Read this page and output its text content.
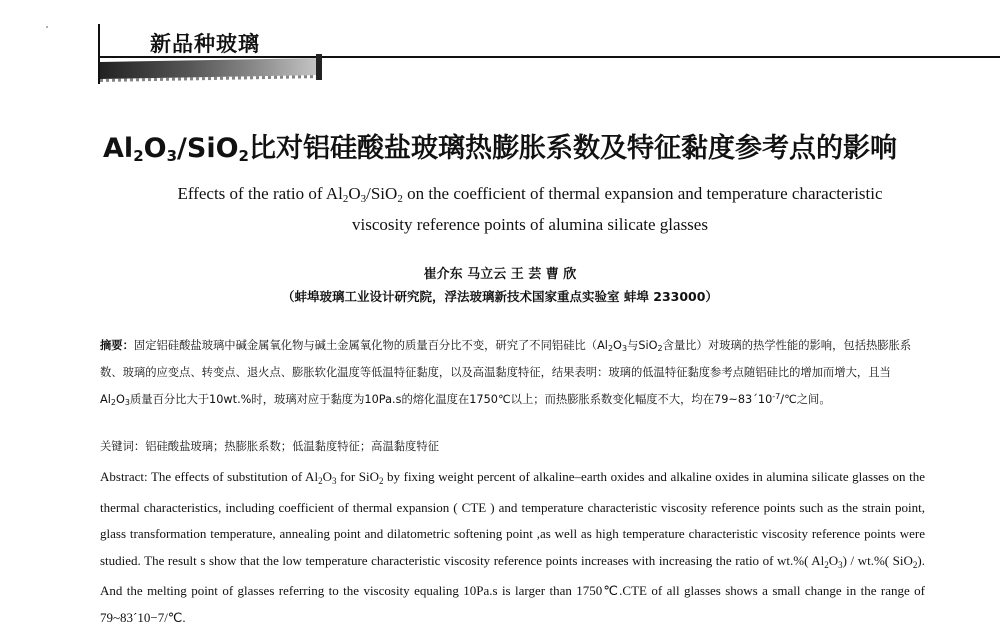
新品种玻璃
$Al_2O_3/SiO_2$比对铝硅酸盐玻璃热膨胀系数及特征黏度参考点的影响
Effects of the ratio of $Al_2O_3/SiO_2$ on the coefficient of thermal expansion and temperature characteristic
viscosity reference points of alumina silicate glasses
崔介东 马立云 王 芸 曹 欣
（蚌埠玻璃工业设计研究院，浮法玻璃新技术国家重点实验室 蚌埠 233000）
摘要：固定铝硅酸盐玻璃中碱金属氧化物与碱土金属氧化物的质量百分比不变，研究了不同铝硅比（$Al_2O_3$与SiO$_2$含量比）对玻璃的热学性能的影响，包括热膨胀系数、玻璃的应变点、转变点、退火点、膨胀软化温度等低温特征黏度，以及高温黏度特征，结果表明：玻璃的低温特征黏度参考点随铝硅比的增加而增大，且当$Al_2O_3$质量百分比大于10wt.%时，玻璃对应于黏度为10Pa.s的熔化温度在1750℃以上；而热膨胀系数变化幅度不大，均在$79\sim 83´10^{-7}/℃$之间。
关键词：铝硅酸盐玻璃；热膨胀系数；低温黏度特征；高温黏度特征
Abstract: The effects of substitution of $Al_2O_3$ for SiO$_2$ by fixing weight percent of alkaline–earth oxides and alkaline oxides in alumina silicate glasses on the thermal characteristics, including coefficient of thermal expansion ( CTE ) and temperature characteristic viscosity reference points such as the strain point, glass transformation temperature, annealing point and dilatometric softening point ,as well as high temperature characteristic viscosity reference points were studied. The result s show that the low temperature characteristic viscosity reference points increases with increasing the ratio of wt.%( $Al_2O_3) / wt.\%$( SiO$_2$). And the melting point of glasses referring to the viscosity equaling 10Pa.s is larger than 1750℃.CTE of all glasses shows a small change in the range of 79~83´10−7/℃.
